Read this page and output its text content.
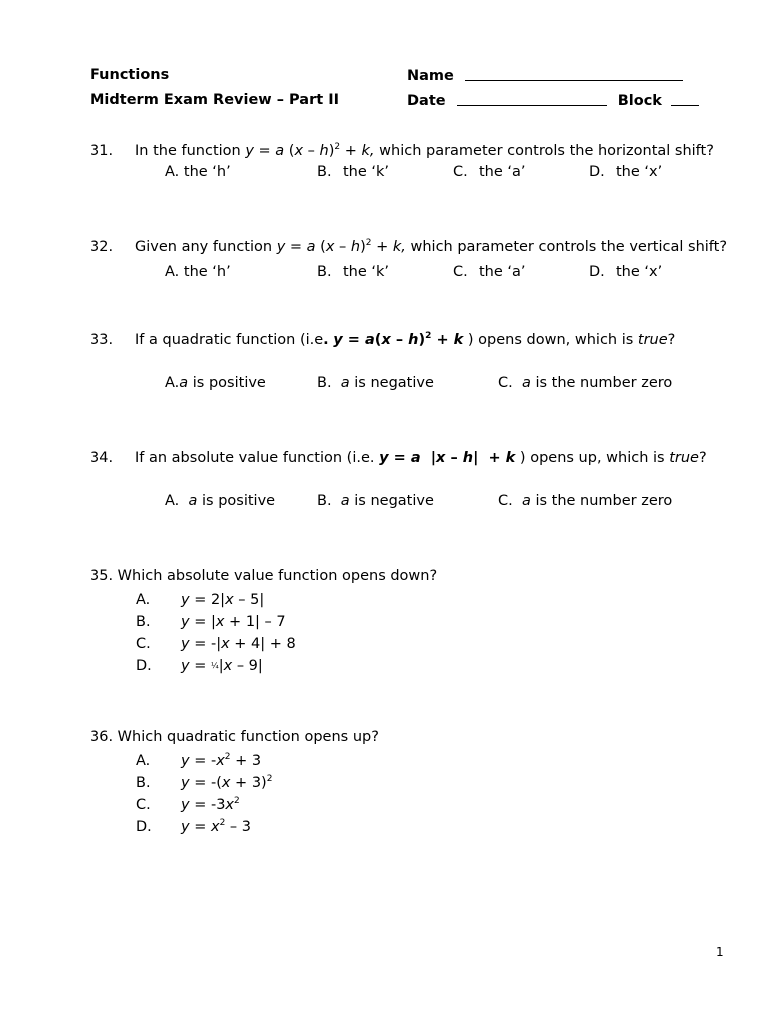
Functions
Midterm Exam Review – Part II
Name
Date	Block
31. In the function y = a (x – h)$^2$ + k, which parameter controls the horizontal shift?
A. the ‘h’	B. the ‘k’	C. the ‘a’	D. the ‘x’
32. Given any function y = a (x – h)$^2$ + k, which parameter controls the vertical shift?
A. the ‘h’	B. the ‘k’	C. the ‘a’	D. the ‘x’
33. If a quadratic function (i.e. y = a(x – h)$^2$ + k ) opens down, which is true?
A.a is positive	B. a is negative	C. a is the number zero
34. If an absolute value function (i.e. y = a  |x – h|  + k ) opens up, which is true?
A. a is positive	B. a is negative	C. a is the number zero
35. Which absolute value function opens down?
A. y = 2|x – 5|
B. y = |x + 1| – 7
C. y = -|x + 4| + 8
D. y = ¼|x – 9|
36. Which quadratic function opens up?
A. $y = -x^2 + 3$
B. $y = -(x + 3)^2$
C. $y = -3x^2$
D. $y = x^2 - 3$
1
